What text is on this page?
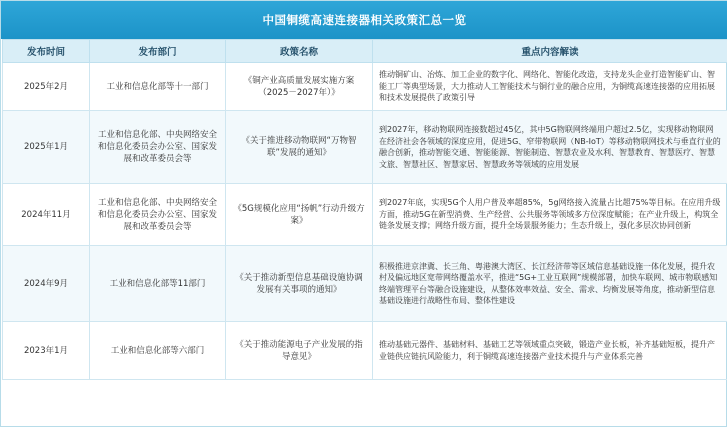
中国铜缆高速连接器相关政策汇总一览
发布时间	发布部门	政策名称	重点内容解读
2025年2月	工业和信息化部等十一部门	《铜产业高质量发展实施方案（2025－2027年）》	推动铜矿山、冶炼、加工企业的数字化、网络化、智能化改造，支持龙头企业打造智能矿山、智能工厂等典型场景，大力推动人工智能技术与铜行业的融合应用，为铜缆高速连接器的应用拓展和技术发展提供了政策引导
2025年1月	工业和信息化部、中央网络安全和信息化委员会办公室、国家发展和改革委员会等	《关于推进移动物联网“万物智联”发展的通知》	到2027年，移动物联网连接数超过45亿，其中5G物联网终端用户超过2.5亿，实现移动物联网在经济社会各领域的深度应用，促进5G、窄带物联网（NB-IoT）等移动物联网技术与垂直行业的融合创新，推动智能交通、智能能源、智能制造、智慧农业及水利、智慧教育、智慧医疗、智慧文旅、智慧社区、智慧家居、智慧政务等领域的应用发展
2024年11月	工业和信息化部、中央网络安全和信息化委员会办公室、国家发展和改革委员会等	《5G规模化应用“扬帆”行动升级方案》	到2027年底，实现5G个人用户普及率超85%，5g网络接入流量占比超75%等目标。在应用升级方面，推动5G在新型消费、生产经营、公共服务等领域多方位深度赋能；在产业升级上，构筑全链条发展支撑；网络升级方面，提升全场景服务能力；生态升级上，强化多层次协同创新
2024年9月	工业和信息化部等11部门	《关于推动新型信息基础设施协调发展有关事项的通知》	积极推进京津冀、长三角、粤港澳大湾区、长江经济带等区域信息基础设施一体化发展，提升农村及偏远地区宽带网络覆盖水平，推进“5G+工业互联网”规模部署，加快车联网、城市物联感知终端管理平台等融合设施建设，从整体效率效益、安全、需求、均衡发展等角度，推动新型信息基础设施进行战略性布局、整体性建设
2023年1月	工业和信息化部等六部门	《关于推动能源电子产业发展的指导意见》	推动基础元器件、基础材料、基础工艺等领域重点突破，锻造产业长板，补齐基础短板，提升产业链供应链抗风险能力，利于铜缆高速连接器产业技术提升与产业体系完善
